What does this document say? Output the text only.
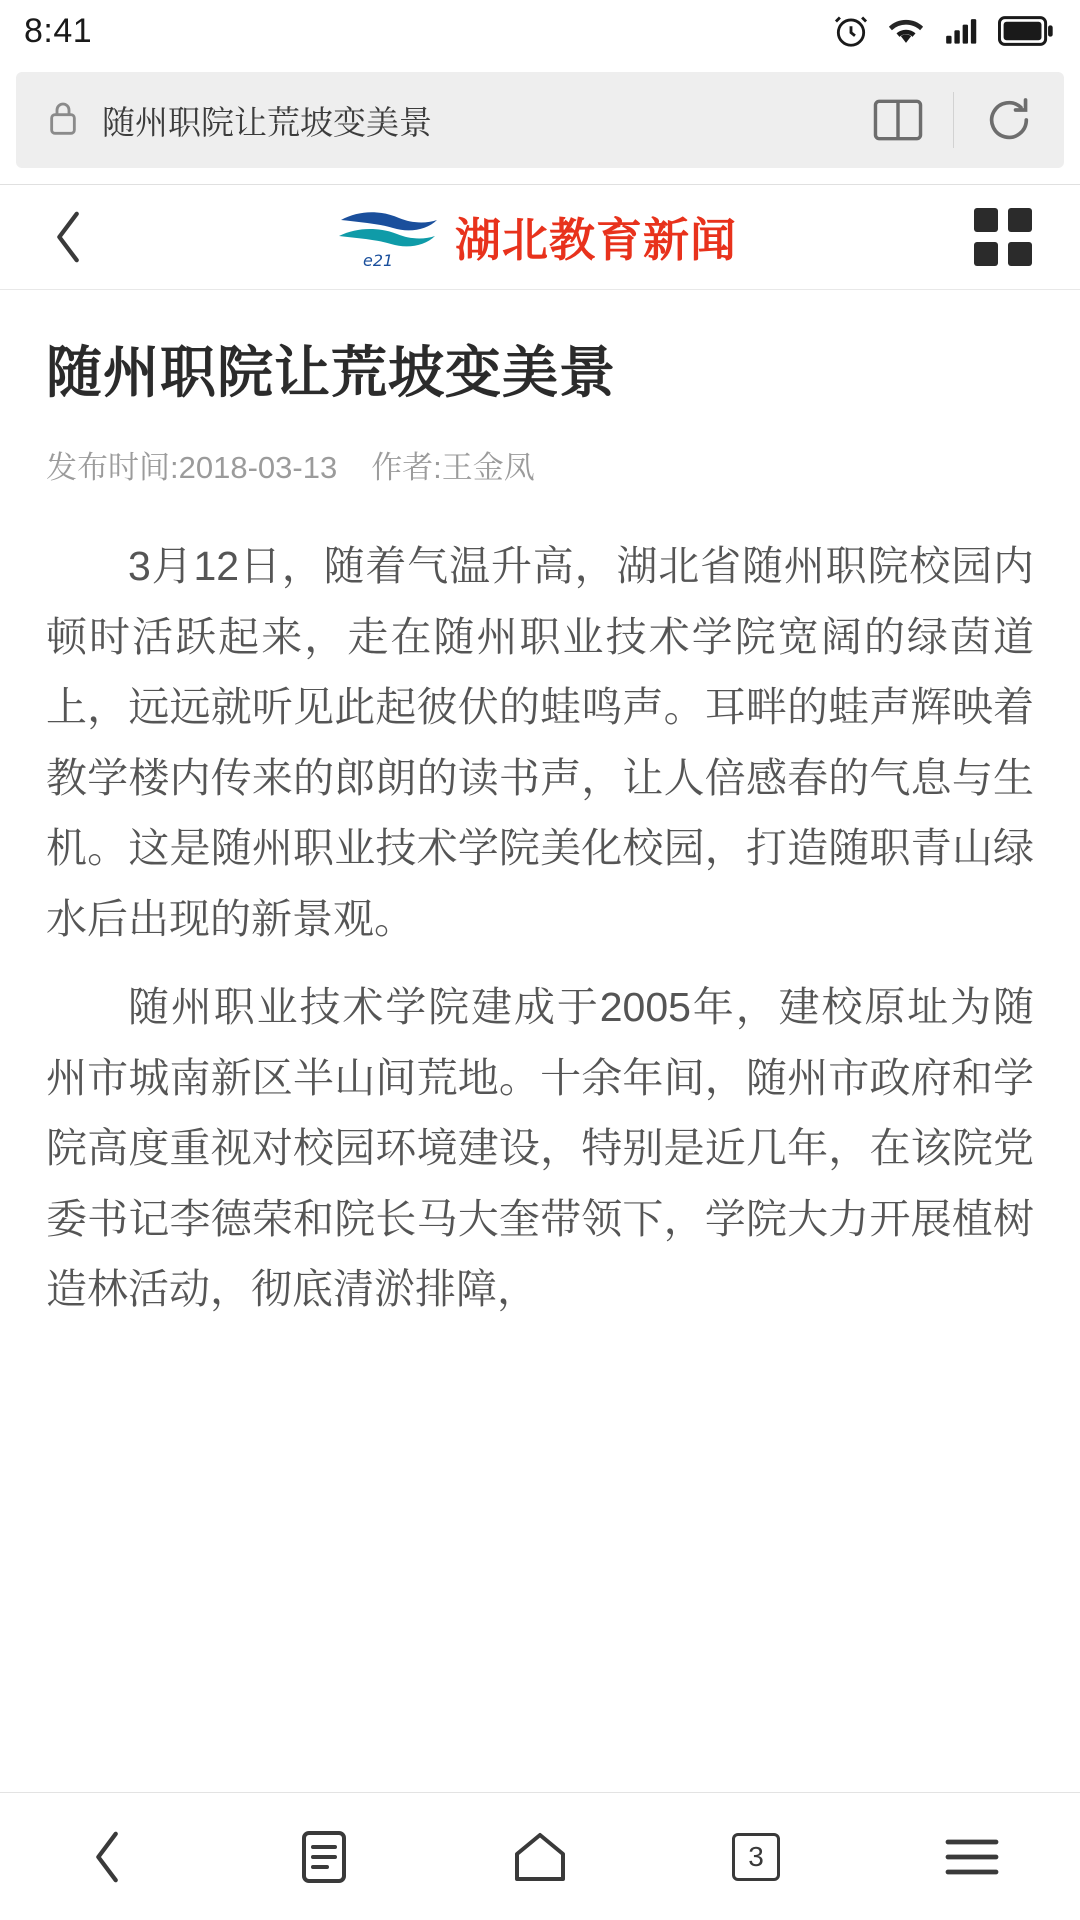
8:41
随州职院让荒坡变美景
e21 湖北教育新闻
随州职院让荒坡变美景
发布时间:2018-03-13 作者:王金凤

3月12日，随着气温升高，湖北省随州职院校园内顿时活跃起来，走在随州职业技术学院宽阔的绿茵道上，远远就听见此起彼伏的蛙鸣声。耳畔的蛙声辉映着教学楼内传来的郎朗的读书声，让人倍感春的气息与生机。这是随州职业技术学院美化校园，打造随职青山绿水后出现的新景观。

随州职业技术学院建成于2005年，建校原址为随州市城南新区半山间荒地。十余年间，随州市政府和学院高度重视对校园环境建设，特别是近几年，在该院党委书记李德荣和院长马大奎带领下，学院大力开展植树造林活动，彻底清淤排障，

3
